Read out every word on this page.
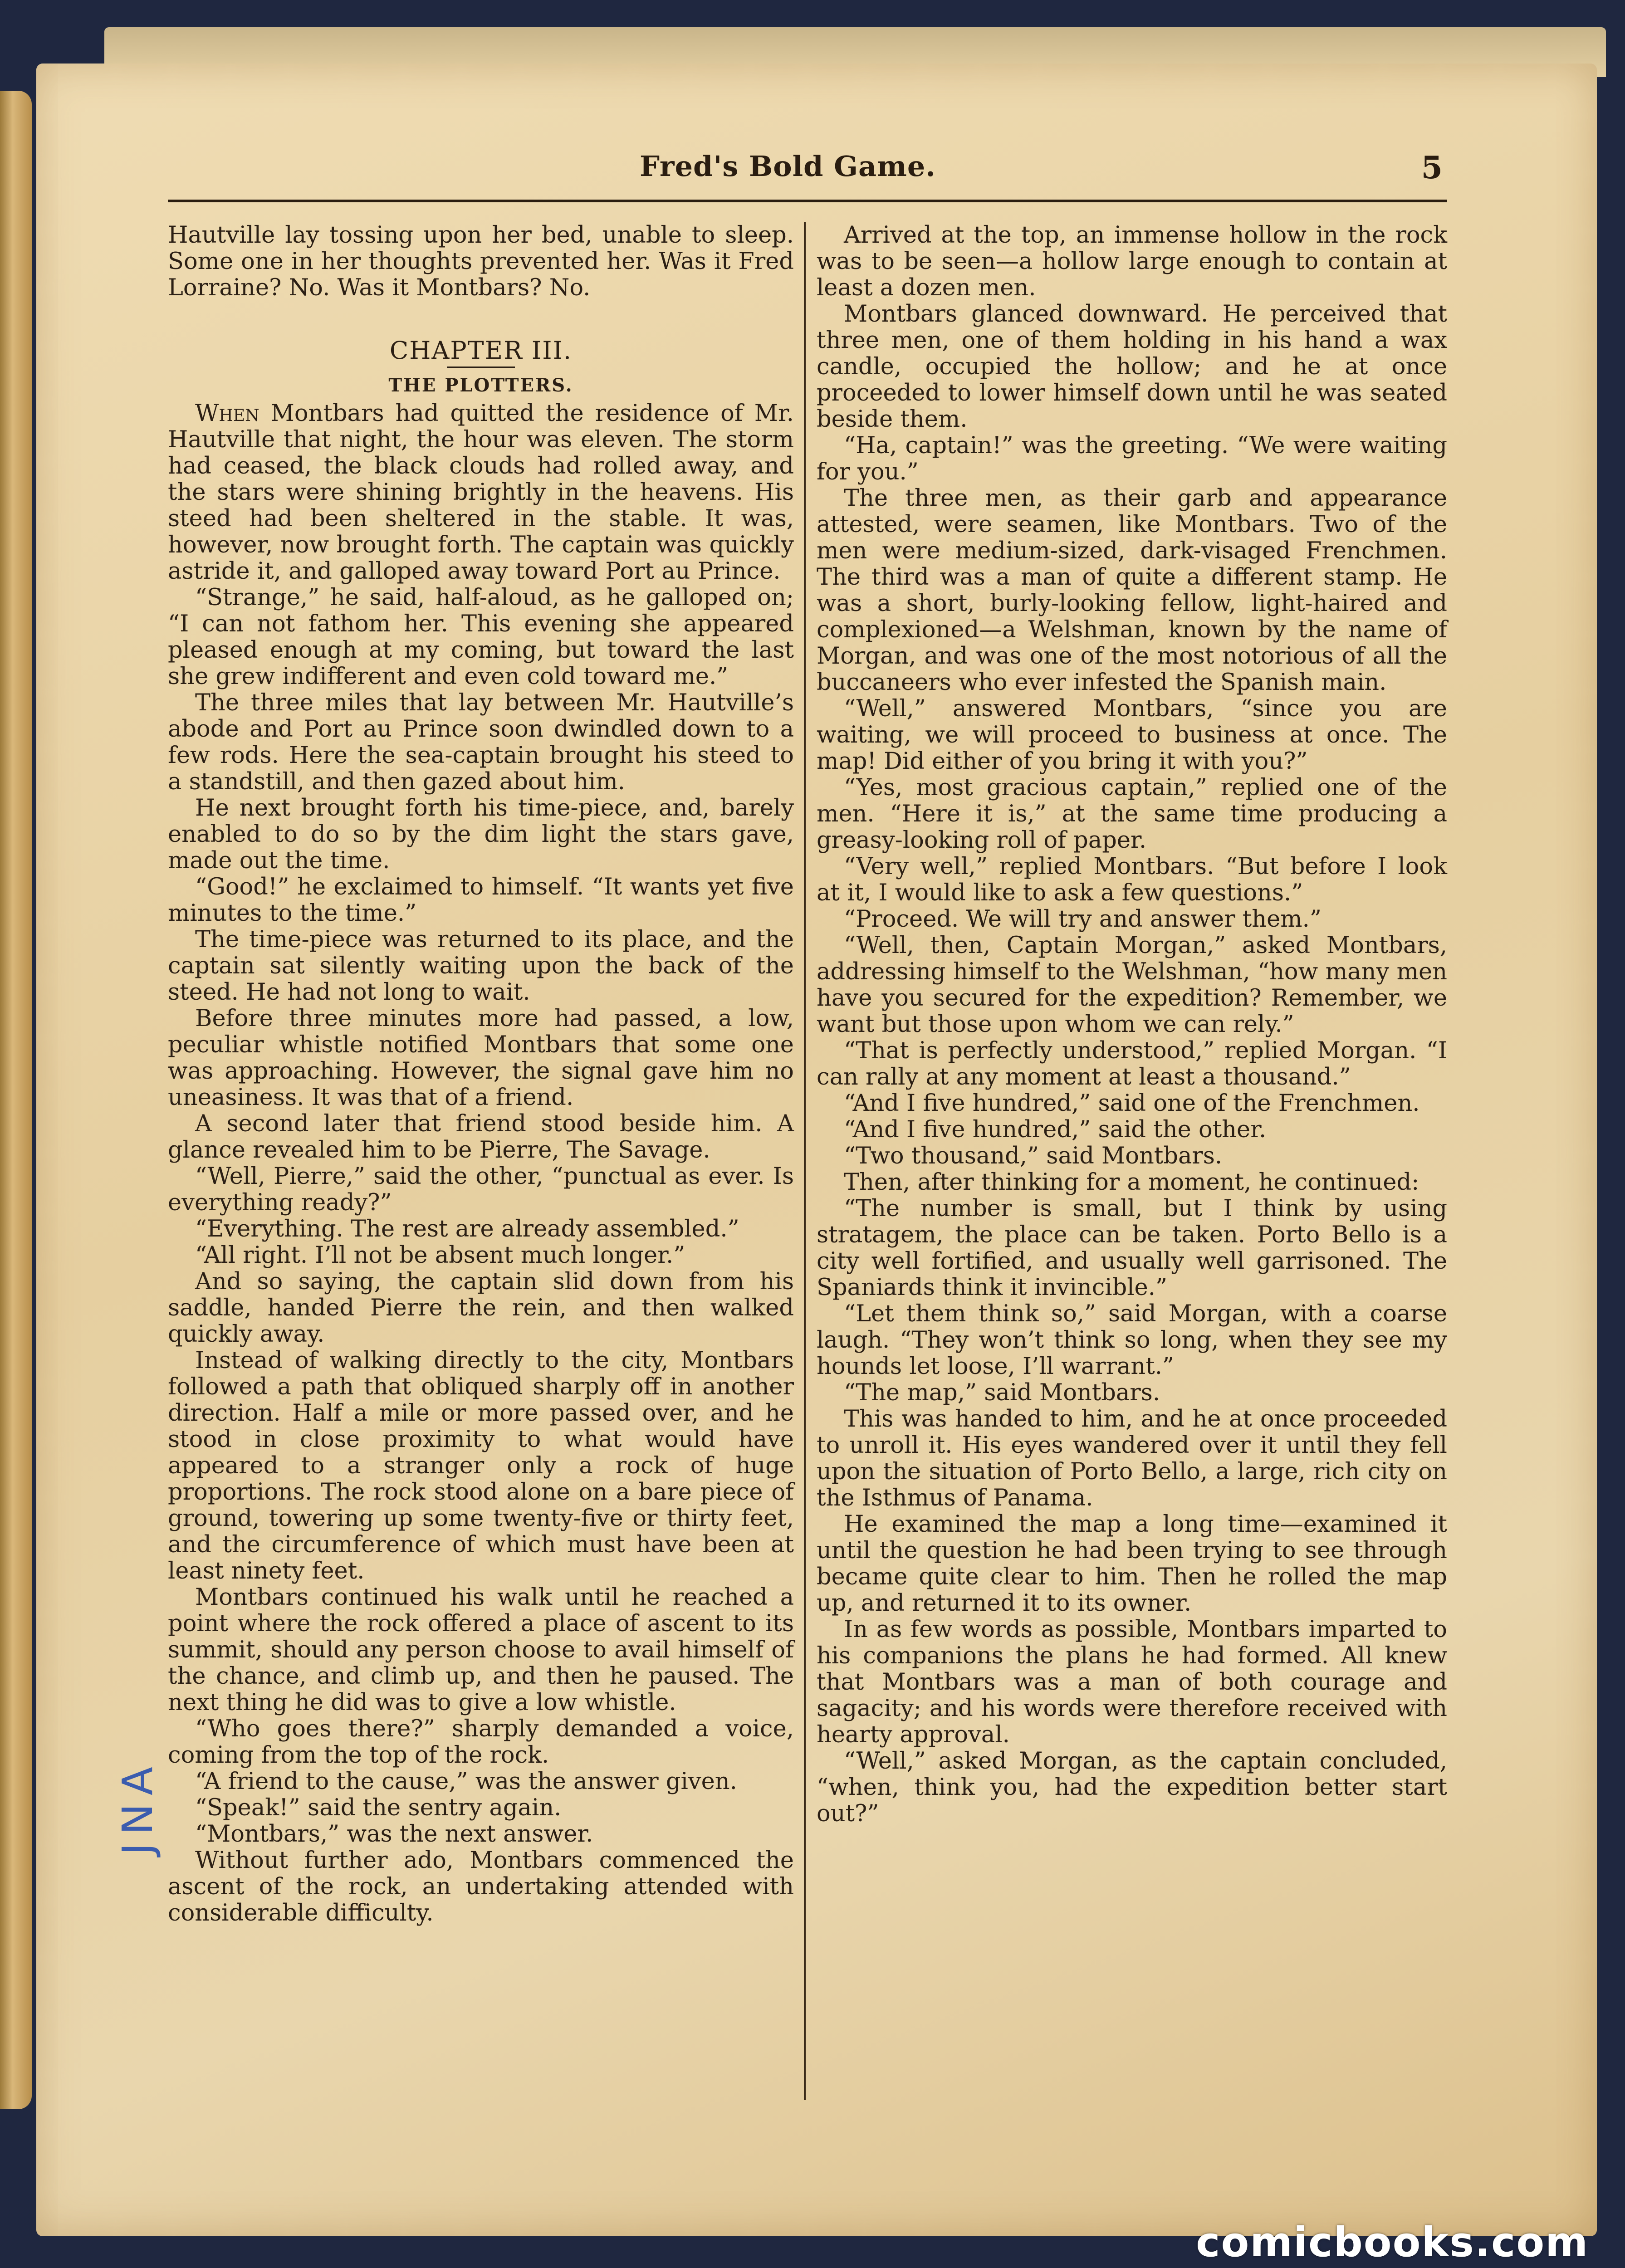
Fred's Bold Game.	5

Hautville lay tossing upon her bed, unable to sleep. Some one in her thoughts prevented her. Was it Fred Lorraine? No. Was it Montbars? No.

CHAPTER III.
THE PLOTTERS.

When Montbars had quitted the residence of Mr. Hautville that night, the hour was eleven. The storm had ceased, the black clouds had rolled away, and the stars were shining brightly in the heavens. His steed had been sheltered in the stable. It was, however, now brought forth. The captain was quickly astride it, and galloped away toward Port au Prince.

“Strange,” he said, half-aloud, as he galloped on; “I can not fathom her. This evening she appeared pleased enough at my coming, but toward the last she grew indifferent and even cold toward me.”

The three miles that lay between Mr. Hautville’s abode and Port au Prince soon dwindled down to a few rods. Here the sea-captain brought his steed to a standstill, and then gazed about him.

He next brought forth his time-piece, and, barely enabled to do so by the dim light the stars gave, made out the time.

“Good!” he exclaimed to himself. “It wants yet five minutes to the time.”

The time-piece was returned to its place, and the captain sat silently waiting upon the back of the steed. He had not long to wait.

Before three minutes more had passed, a low, peculiar whistle notified Montbars that some one was approaching. However, the signal gave him no uneasiness. It was that of a friend.

A second later that friend stood beside him. A glance revealed him to be Pierre, The Savage.

“Well, Pierre,” said the other, “punctual as ever. Is everything ready?”

“Everything. The rest are already assembled.”

“All right. I’ll not be absent much longer.”

And so saying, the captain slid down from his saddle, handed Pierre the rein, and then walked quickly away.

Instead of walking directly to the city, Montbars followed a path that obliqued sharply off in another direction. Half a mile or more passed over, and he stood in close proximity to what would have appeared to a stranger only a rock of huge proportions. The rock stood alone on a bare piece of ground, towering up some twenty-five or thirty feet, and the circumference of which must have been at least ninety feet.

Montbars continued his walk until he reached a point where the rock offered a place of ascent to its summit, should any person choose to avail himself of the chance, and climb up, and then he paused. The next thing he did was to give a low whistle.

“Who goes there?” sharply demanded a voice, coming from the top of the rock.

“A friend to the cause,” was the answer given.

“Speak!” said the sentry again.

“Montbars,” was the next answer.

Without further ado, Montbars commenced the ascent of the rock, an undertaking attended with considerable difficulty.

Arrived at the top, an immense hollow in the rock was to be seen—a hollow large enough to contain at least a dozen men.

Montbars glanced downward. He perceived that three men, one of them holding in his hand a wax candle, occupied the hollow; and he at once proceeded to lower himself down until he was seated beside them.

“Ha, captain!” was the greeting. “We were waiting for you.”

The three men, as their garb and appearance attested, were seamen, like Montbars. Two of the men were medium-sized, dark-visaged Frenchmen. The third was a man of quite a different stamp. He was a short, burly-looking fellow, light-haired and complexioned—a Welshman, known by the name of Morgan, and was one of the most notorious of all the buccaneers who ever infested the Spanish main.

“Well,” answered Montbars, “since you are waiting, we will proceed to business at once. The map! Did either of you bring it with you?”

“Yes, most gracious captain,” replied one of the men. “Here it is,” at the same time producing a greasy-looking roll of paper.

“Very well,” replied Montbars. “But before I look at it, I would like to ask a few questions.”

“Proceed. We will try and answer them.”

“Well, then, Captain Morgan,” asked Montbars, addressing himself to the Welshman, “how many men have you secured for the expedition? Remember, we want but those upon whom we can rely.”

“That is perfectly understood,” replied Morgan. “I can rally at any moment at least a thousand.”

“And I five hundred,” said one of the Frenchmen.

“And I five hundred,” said the other.

“Two thousand,” said Montbars.

Then, after thinking for a moment, he continued:

“The number is small, but I think by using stratagem, the place can be taken. Porto Bello is a city well fortified, and usually well garrisoned. The Spaniards think it invincible.”

“Let them think so,” said Morgan, with a coarse laugh. “They won’t think so long, when they see my hounds let loose, I’ll warrant.”

“The map,” said Montbars.

This was handed to him, and he at once proceeded to unroll it. His eyes wandered over it until they fell upon the situation of Porto Bello, a large, rich city on the Isthmus of Panama.

He examined the map a long time—examined it until the question he had been trying to see through became quite clear to him. Then he rolled the map up, and returned it to its owner.

In as few words as possible, Montbars imparted to his companions the plans he had formed. All knew that Montbars was a man of both courage and sagacity; and his words were therefore received with hearty approval.

“Well,” asked Morgan, as the captain concluded, “when, think you, had the expedition better start out?”

JNA
comicbooks.com
